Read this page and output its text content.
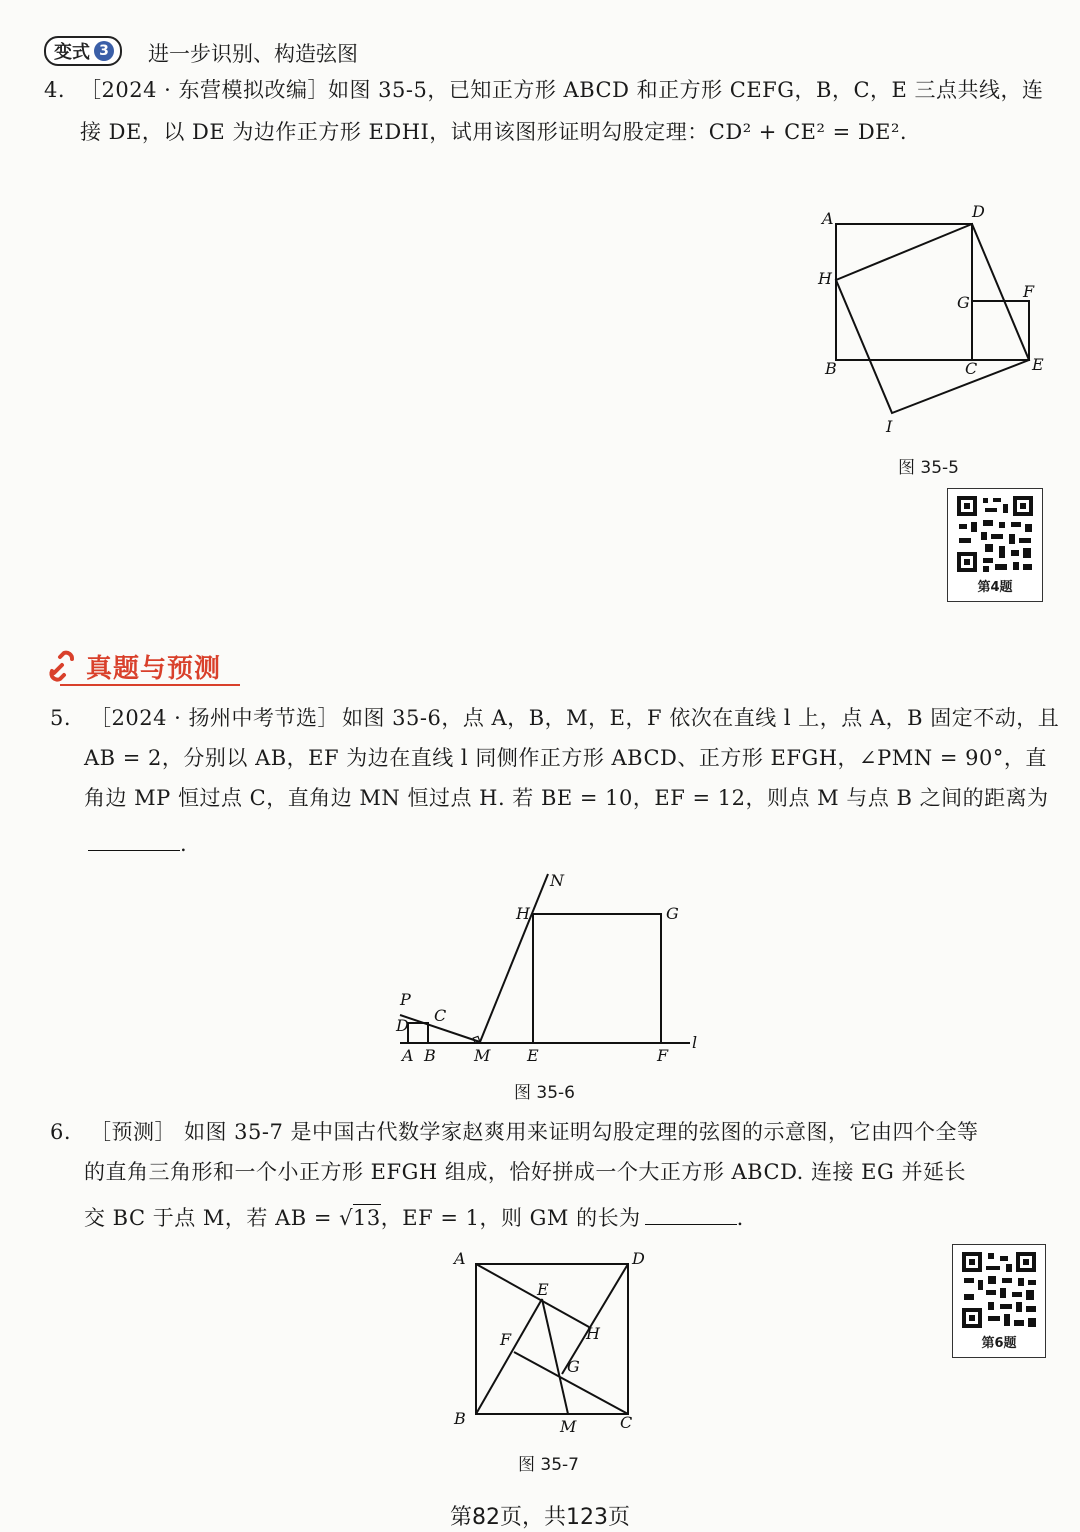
变式 3 进一步识别、构造弦图
4. ［2024 · 东营模拟改编］ 如图 35-5，已知正方形 ABCD 和正方形 CEFG，B，C，E 三点共线，连
接 DE，以 DE 为边作正方形 EDHI，试用该图形证明勾股定理：CD² + CE² = DE².
A	D
H
G
F
B	C	E
I
图 35-5
第4题
真题与预测
5. ［2024 · 扬州中考节选］ 如图 35-6，点 A，B，M，E，F 依次在直线 l 上，点 A，B 固定不动，且
AB = 2，分别以 AB，EF 为边在直线 l 同侧作正方形 ABCD、正方形 EFGH，∠PMN = 90°，直
角边 MP 恒过点 C，直角边 MN 恒过点 H. 若 BE = 10，EF = 12，则点 M 与点 B 之间的距离为
.
N
H	G
P
C
D
A B M E	F
l
图 35-6
6. ［预测］ 如图 35-7 是中国古代数学家赵爽用来证明勾股定理的弦图的示意图，它由四个全等
的直角三角形和一个小正方形 EFGH 组成，恰好拼成一个大正方形 ABCD. 连接 EG 并延长
交 BC 于点 M，若 AB = √13，EF = 1，则 GM 的长为	.
A	D
E
H
F
G
B	M	C
图 35-7
第6题
第82页，共123页
